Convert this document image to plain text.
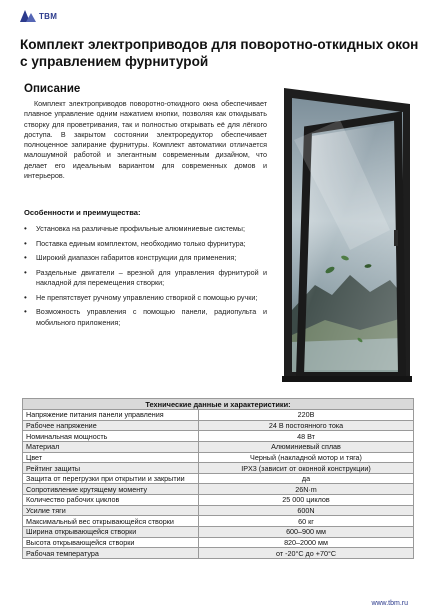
TBM
Комплект электроприводов для поворотно-откидных окон с управлением фурнитурой
Описание

Комплект электроприводов поворотно-откидного окна обеспечивает плавное управление одним нажатием кнопки, позволяя как откидывать створку для проветривания, так и полностью открывать её для лёгкого доступа. В закрытом состоянии электроредуктор обеспечивает полноценное запирание фурнитуры. Комплект автоматики отличается малошумной работой и элегантным современным дизайном, что делает его идеальным вариантом для современных домов и интерьеров.

Особенности и преимущества:
• Установка на различные профильные алюминиевые системы;
• Поставка единым комплектом, необходимо только фурнитура;
• Широкий диапазон габаритов конструкции для применения;
• Раздельные двигатели – врезной для управления фурнитурой и накладной для перемещения створки;
• Не препятствует ручному управлению створкой с помощью ручки;
• Возможность управления с помощью панели, радиопульта и мобильного приложения;
Технические данные и характеристики:	
Напряжение питания панели управления	220В
Рабочее напряжение	24 В постоянного тока
Номинальная мощность	48 Вт
Материал	Алюминиевый сплав
Цвет	Черный (накладной мотор и тяга)
Рейтинг защиты	IPX3 (зависит от оконной конструкции)
Защита от перегрузки при открытии и закрытии	да
Сопротивление крутящему моменту	26N·m
Количество рабочих циклов	25 000 циклов
Усилие тяги	600N
Максимальный вес открывающейся створки	60 кг
Ширина открывающейся створки	600–900 мм
Высота открывающейся створки	820–2000 мм
Рабочая температура	от -20°С до +70°С
www.tbm.ru
